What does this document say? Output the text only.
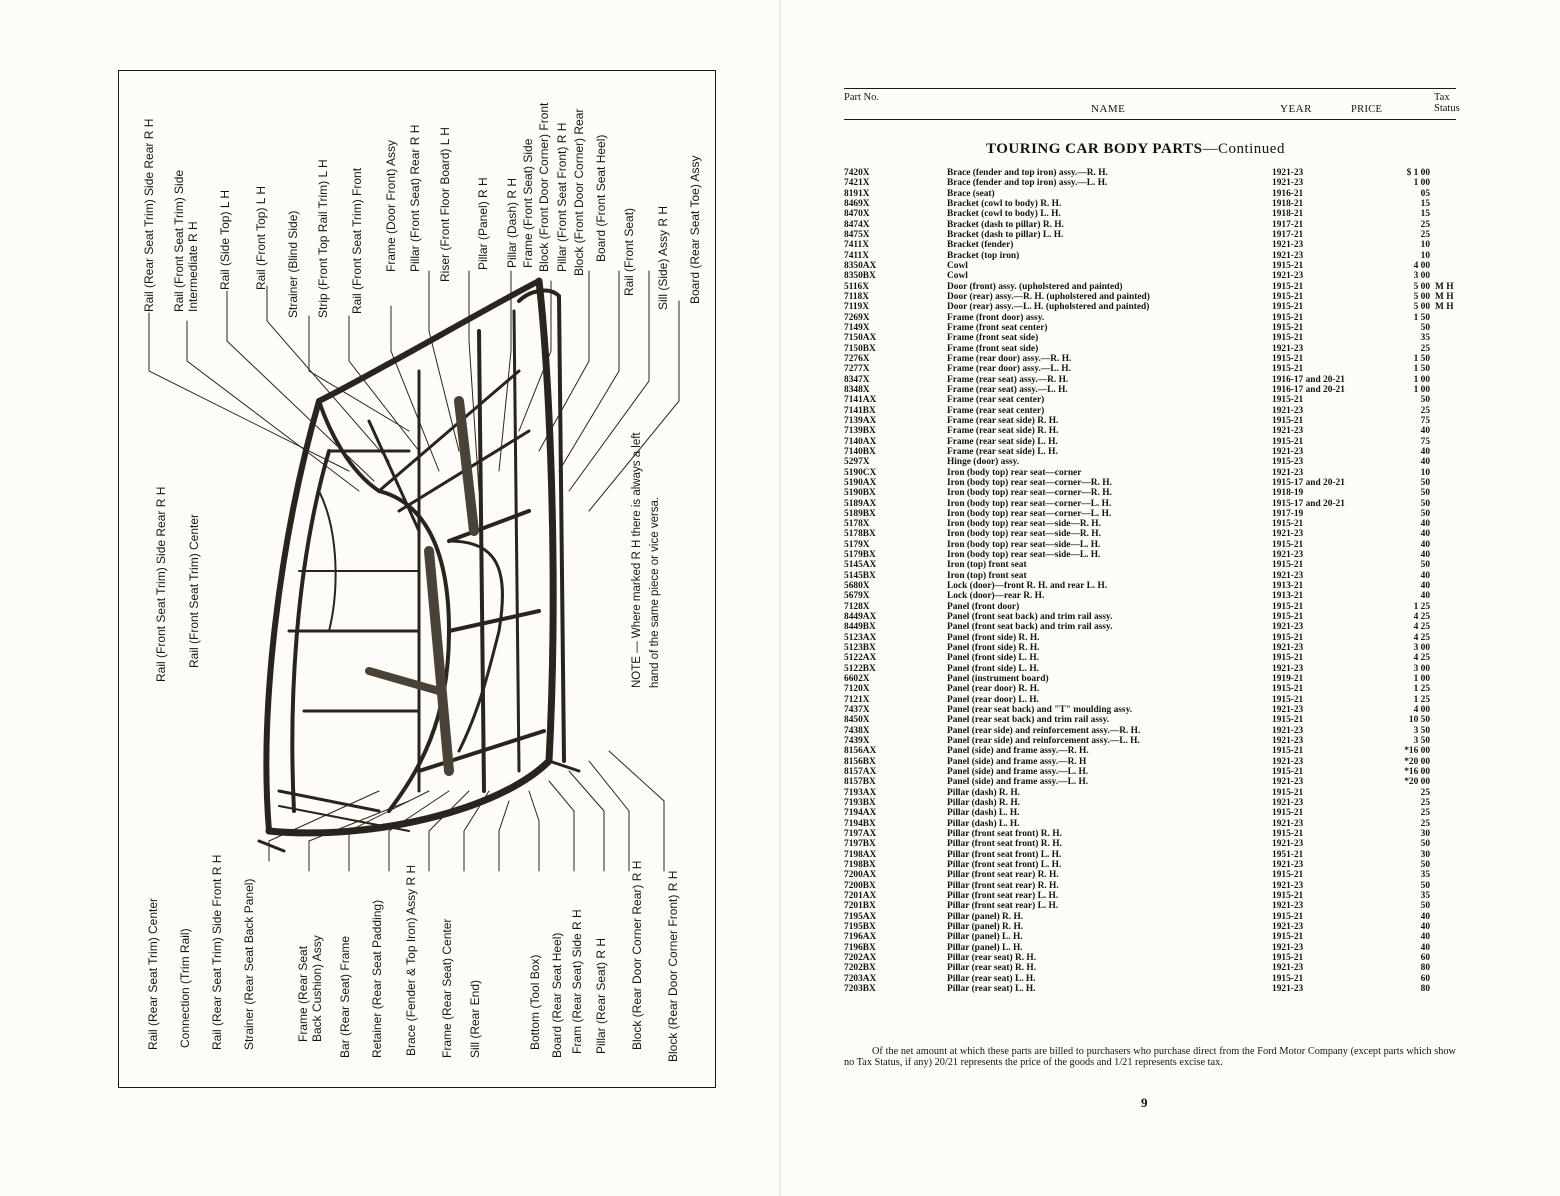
Rail (Rear Seat Trim) Side Rear R H Rail (Front Seat Trim) Side Intermediate R H Rail (Side Top) L H Rail (Front Top) L H Strainer (Blind Side) Strip (Front Top Rail Trim) L H Rail (Front Seat Trim) Front Frame (Door Front) Assy Pillar (Front Seat) Rear R H Riser (Front Floor Board) L H Pillar (Panel) R H Pillar (Dash) R H Frame (Front Seat) Side Block (Front Door Corner) Front Pillar (Front Seat Front) R H Block (Front Door Corner) Rear Board (Front Seat Heel) Rail (Front Seat) Sill (Side) Assy R H Board (Rear Seat Toe) Assy
Rail (Front Seat Trim) Side Rear R H Rail (Front Seat Trim) Center
Rail (Rear Seat Trim) Center Connection (Trim Rail) Rail (Rear Seat Trim) Side Front R H Strainer (Rear Seat Back Panel)	Frame (Rear Seat Back Cushion) Assy Bar (Rear Seat) Frame Retainer (Rear Seat Padding) Brace (Fender & Top Iron) Assy R H Frame (Rear Seat) Center Sill (Rear End)	Bottom (Tool Box) Board (Rear Seat Heel) Fram (Rear Seat) Side R H Pillar (Rear Seat) R H Block (Rear Door Corner Rear) R H Block (Rear Door Corner Front) R H
NOTE — Where marked R H there is always a left hand of the same piece or vice versa.
Part No.
NAME	YEAR	PRICE
Tax Status
TOURING CAR BODY PARTS—Continued
7420X	Brace (fender and top iron) assy.—R. H.	1921-23	$ 1 00
7421X	Brace (fender and top iron) assy.—L. H.	1921-23	1 00
8191X	Brace (seat)	1916-21	05
8469X	Bracket (cowl to body) R. H.	1918-21	15
8470X	Bracket (cowl to body) L. H.	1918-21	15
8474X	Bracket (dash to pillar) R. H.	1917-21	25
8475X	Bracket (dash to pillar) L. H.	1917-21	25
7411X	Bracket (fender)	1921-23	10
7411X	Bracket (top iron)	1921-23	10
8350AX	Cowl	1915-21	4 00
8350BX	Cowl	1921-23	3 00
5116X	Door (front) assy. (upholstered and painted)	1915-21	5 00 M H
7118X	Door (rear) assy.—R. H. (upholstered and painted)	1915-21	5 00 M H
7119X	Door (rear) assy.—L. H. (upholstered and painted)	1915-21	5 00 M H
7269X	Frame (front door) assy.	1915-21	1 50
7149X	Frame (front seat center)	1915-21	50
7150AX	Frame (front seat side)	1915-21	35
7150BX	Frame (front seat side)	1921-23	25
7276X	Frame (rear door) assy.—R. H.	1915-21	1 50
7277X	Frame (rear door) assy.—L. H.	1915-21	1 50
8347X	Frame (rear seat) assy.—R. H.	1916-17 and 20-21	1 00
8348X	Frame (rear seat) assy.—L. H.	1916-17 and 20-21	1 00
7141AX	Frame (rear seat center)	1915-21	50
7141BX	Frame (rear seat center)	1921-23	25
7139AX	Frame (rear seat side) R. H.	1915-21	75
7139BX	Frame (rear seat side) R. H.	1921-23	40
7140AX	Frame (rear seat side) L. H.	1915-21	75
7140BX	Frame (rear seat side) L. H.	1921-23	40
5297X	Hinge (door) assy.	1915-23	40
5190CX	Iron (body top) rear seat—corner	1921-23	10
5190AX	Iron (body top) rear seat—corner—R. H.	1915-17 and 20-21	50
5190BX	Iron (body top) rear seat—corner—R. H.	1918-19	50
5189AX	Iron (body top) rear seat—corner—L. H.	1915-17 and 20-21	50
5189BX	Iron (body top) rear seat—corner—L. H.	1917-19	50
5178X	Iron (body top) rear seat—side—R. H.	1915-21	40
5178BX	Iron (body top) rear seat—side—R. H.	1921-23	40
5179X	Iron (body top) rear seat—side—L. H.	1915-21	40
5179BX	Iron (body top) rear seat—side—L. H.	1921-23	40
5145AX	Iron (top) front seat	1915-21	50
5145BX	Iron (top) front seat	1921-23	40
5680X	Lock (door)—front R. H. and rear L. H.	1913-21	40
5679X	Lock (door)—rear R. H.	1913-21	40
7128X	Panel (front door)	1915-21	1 25
8449AX	Panel (front seat back) and trim rail assy.	1915-21	4 25
8449BX	Panel (front seat back) and trim rail assy.	1921-23	4 25
5123AX	Panel (front side) R. H.	1915-21	4 25
5123BX	Panel (front side) R. H.	1921-23	3 00
5122AX	Panel (front side) L. H.	1915-21	4 25
5122BX	Panel (front side) L. H.	1921-23	3 00
6602X	Panel (instrument board)	1919-21	1 00
7120X	Panel (rear door) R. H.	1915-21	1 25
7121X	Panel (rear door) L. H.	1915-21	1 25
7437X	Panel (rear seat back) and "T" moulding assy.	1921-23	4 00
8450X	Panel (rear seat back) and trim rail assy.	1915-21	10 50
7438X	Panel (rear side) and reinforcement assy.—R. H.	1921-23	3 50
7439X	Panel (rear side) and reinforcement assy.—L. H.	1921-23	3 50
8156AX	Panel (side) and frame assy.—R. H.	1915-21	*16 00
8156BX	Panel (side) and frame assy.—R. H	1921-23	*20 00
8157AX	Panel (side) and frame assy.—L. H.	1915-21	*16 00
8157BX	Panel (side) and frame assy.—L. H.	1921-23	*20 00
7193AX	Pillar (dash) R. H.	1915-21	25
7193BX	Pillar (dash) R. H.	1921-23	25
7194AX	Pillar (dash) L. H.	1915-21	25
7194BX	Pillar (dash) L. H.	1921-23	25
7197AX	Pillar (front seat front) R. H.	1915-21	30
7197BX	Pillar (front seat front) R. H.	1921-23	50
7198AX	Pillar (front seat front) L. H.	1951-21	30
7198BX	Pillar (front seat front) L. H.	1921-23	50
7200AX	Pillar (front seat rear) R. H.	1915-21	35
7200BX	Pillar (front seat rear) R. H.	1921-23	50
7201AX	Pillar (front seat rear) L. H.	1915-21	35
7201BX	Pillar (front seat rear) L. H.	1921-23	50
7195AX	Pillar (panel) R. H.	1915-21	40
7195BX	Pillar (panel) R. H.	1921-23	40
7196AX	Pillar (panel) L. H.	1915-21	40
7196BX	Pillar (panel) L. H.	1921-23	40
7202AX	Pillar (rear seat) R. H.	1915-21	60
7202BX	Pillar (rear seat) R. H.	1921-23	80
7203AX	Pillar (rear seat) L. H.	1915-21	60
7203BX	Pillar (rear seat) L. H.	1921-23	80
Of the net amount at which these parts are billed to purchasers who purchase direct from the Ford Motor Company (except parts which show no Tax Status, if any) 20/21 represents the price of the goods and 1/21 represents excise tax.
9
